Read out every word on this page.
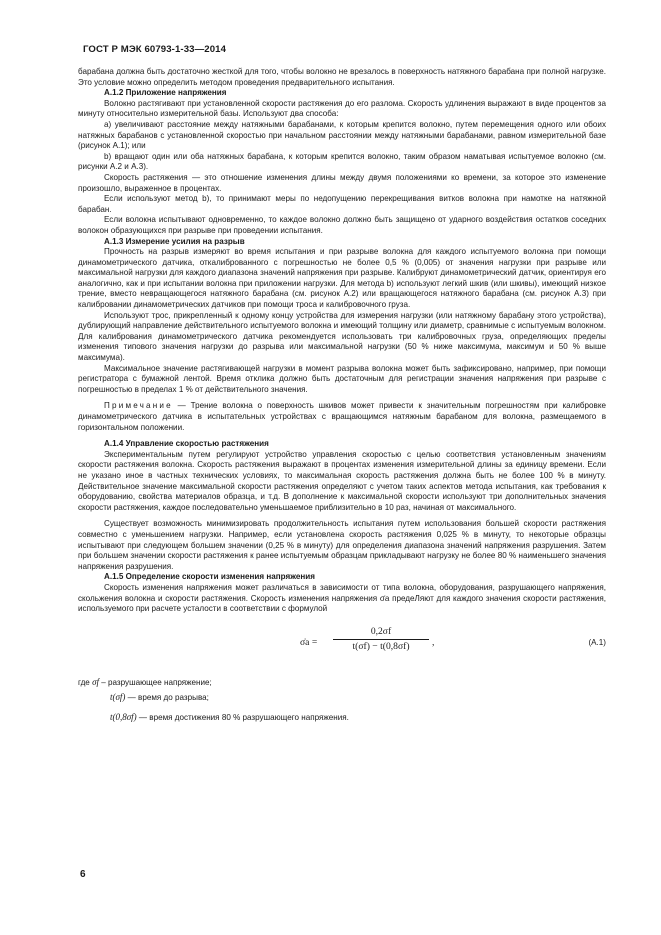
ГОСТ Р МЭК 60793-1-33—2014

барабана должна быть достаточно жесткой для того, чтобы волокно не врезалось в поверхность натяжного барабана при полной нагрузке. Это условие можно определить методом проведения предварительного испытания.

А.1.2 Приложение напряжения

Волокно растягивают при установленной скорости растяжения до его разлома. Скорость удлинения выражают в виде процентов за минуту относительно измерительной базы. Используют два способа:

а) увеличивают расстояние между натяжными барабанами, к которым крепится волокно, путем перемещения одного или обоих натяжных барабанов с установленной скоростью при начальном расстоянии между натяжными барабанами, равном измерительной базе (рисунок А.1); или

b) вращают один или оба натяжных барабана, к которым крепится волокно, таким образом наматывая испытуемое волокно (см. рисунки А.2 и А.3).

Скорость растяжения — это отношение изменения длины между двумя положениями ко времени, за которое это изменение произошло, выраженное в процентах.

Если используют метод b), то принимают меры по недопущению перекрещивания витков волокна при намотке на натяжной барабан.

Если волокна испытывают одновременно, то каждое волокно должно быть защищено от ударного воздействия остатков соседних волокон образующихся при разрыве при проведении испытания.

А.1.3 Измерение усилия на разрыв

Прочность на разрыв измеряют во время испытания и при разрыве волокна для каждого испытуемого волокна при помощи динамометрического датчика, откалиброванного с погрешностью не более 0,5 % (0,005) от значения нагрузки при разрыве или максимальной нагрузки для каждого диапазона значений напряжения при разрыве. Калибруют динамометрический датчик, ориентируя его аналогично, как и при испытании волокна при приложении нагрузки. Для метода b) используют легкий шкив (или шкивы), имеющий низкое трение, вместо невращающегося натяжного барабана (см. рисунок А.2) или вращающегося натяжного барабана (см. рисунок А.3) при калибровании динамометрических датчиков при помощи троса и калибровочного груза.

Используют трос, прикрепленный к одному концу устройства для измерения нагрузки (или натяжному барабану этого устройства), дублирующий направление действительного испытуемого волокна и имеющий толщину или диаметр, сравнимые с испытуемым волокном. Для калибрования динамометрического датчика рекомендуется использовать три калибровочных груза, определяющих пределы изменения типового значения нагрузки до разрыва или максимальной нагрузки (50 % ниже максимума, максимум и 50 % выше максимума).

Максимальное значение растягивающей нагрузки в момент разрыва волокна может быть зафиксировано, например, при помощи регистратора с бумажной лентой. Время отклика должно быть достаточным для регистрации значения напряжения при разрыве с погрешностью в пределах 1 % от действительного значения.

Примечание — Трение волокна о поверхность шкивов может привести к значительным погрешностям при калибровке динамометрического датчика в испытательных устройствах с вращающимся натяжным барабаном для волокна, размещаемого в горизонтальном положении.

А.1.4 Управление скоростью растяжения

Экспериментальным путем регулируют устройство управления скоростью с целью соответствия установленным значениям скорости растяжения волокна. Скорость растяжения выражают в процентах изменения измерительной длины за единицу времени. Если не указано иное в частных технических условиях, то максимальная скорость растяжения должна быть не более 100 % в минуту. Действительное значение максимальной скорости растяжения определяют с учетом таких аспектов метода испытания, как требования к оборудованию, свойства материалов образца, и т.д. В дополнение к максимальной скорости используют три дополнительных значения скорости растяжения, каждое последовательно уменьшаемое приблизительно в 10 раз, начиная от максимального.

Существует возможность минимизировать продолжительность испытания путем использования большей скорости растяжения совместно с уменьшением нагрузки. Например, если установлена скорость растяжения 0,025 % в минуту, то некоторые образцы испытывают при следующем большем значении (0,25 % в минуту) для определения диапазона значений напряжения разрушения. Затем при большем значении скорости растяжения к ранее испытуемым образцам прикладывают нагрузку не более 80 % наименьшего значения напряжения разрушения.

А.1.5 Определение скорости изменения напряжения

Скорость изменения напряжения может различаться в зависимости от типа волокна, оборудования, разрушающего напряжения, скольжения волокна и скорости растяжения. Скорость изменения напряжения σ̇a предеЛяют для каждого значения скорости растяжения, используемого при расчете усталости в соответствии с формулой

σ̇a = $\frac{0,2\sigma f}{t(\sigma f) - t(0,8\sigma f)}$ ,	(А.1)

где σf – разрушающее напряжение;

t(σf) — время до разрыва;

t(0,8σf) — время достижения 80 % разрушающего напряжения.

6
